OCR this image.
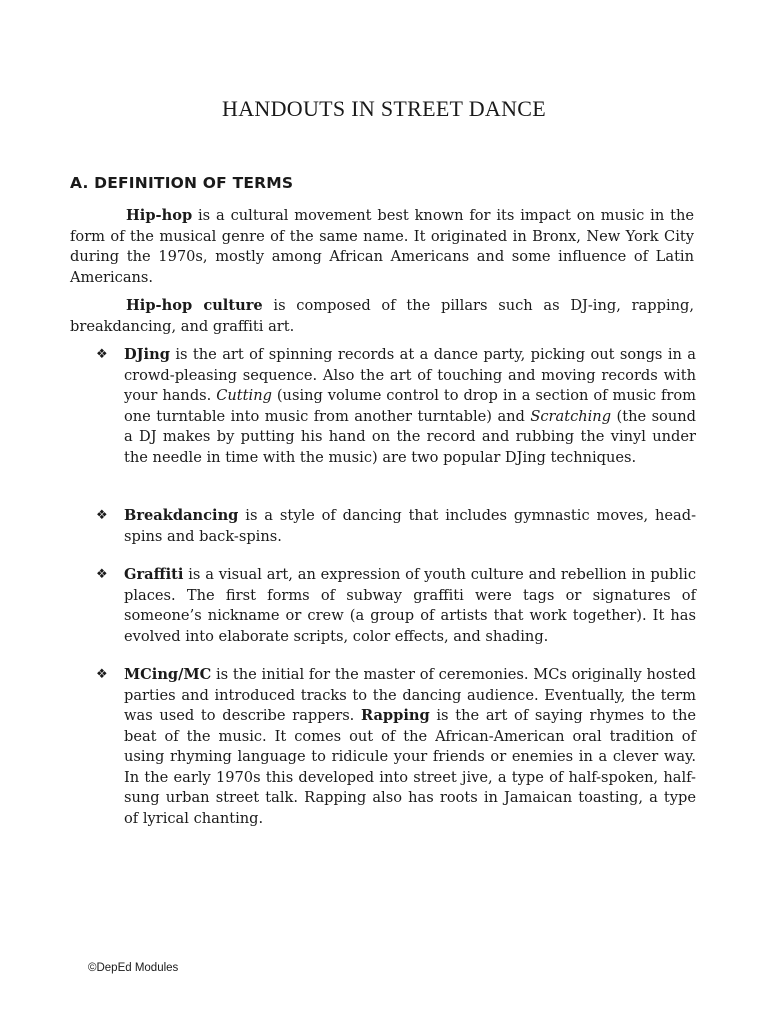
HANDOUTS IN STREET DANCE
A. DEFINITION OF TERMS

Hip-hop is a cultural movement best known for its impact on music in the form of the musical genre of the same name. It originated in Bronx, New York City during the 1970s, mostly among African Americans and some influence of Latin Americans.

Hip-hop culture is composed of the pillars such as DJ-ing, rapping, breakdancing, and graffiti art.

❖ DJing is the art of spinning records at a dance party, picking out songs in a crowd-pleasing sequence. Also the art of touching and moving records with your hands. Cutting (using volume control to drop in a section of music from one turntable into music from another turntable) and Scratching (the sound a DJ makes by putting his hand on the record and rubbing the vinyl under the needle in time with the music) are two popular DJing techniques.

❖ Breakdancing is a style of dancing that includes gymnastic moves, head-spins and back-spins.

❖ Graffiti is a visual art, an expression of youth culture and rebellion in public places. The first forms of subway graffiti were tags or signatures of someone’s nickname or crew (a group of artists that work together). It has evolved into elaborate scripts, color effects, and shading.

❖ MCing/MC is the initial for the master of ceremonies. MCs originally hosted parties and introduced tracks to the dancing audience. Eventually, the term was used to describe rappers. Rapping is the art of saying rhymes to the beat of the music. It comes out of the African-American oral tradition of using rhyming language to ridicule your friends or enemies in a clever way. In the early 1970s this developed into street jive, a type of half-spoken, half-sung urban street talk. Rapping also has roots in Jamaican toasting, a type of lyrical chanting.

©DepEd Modules
